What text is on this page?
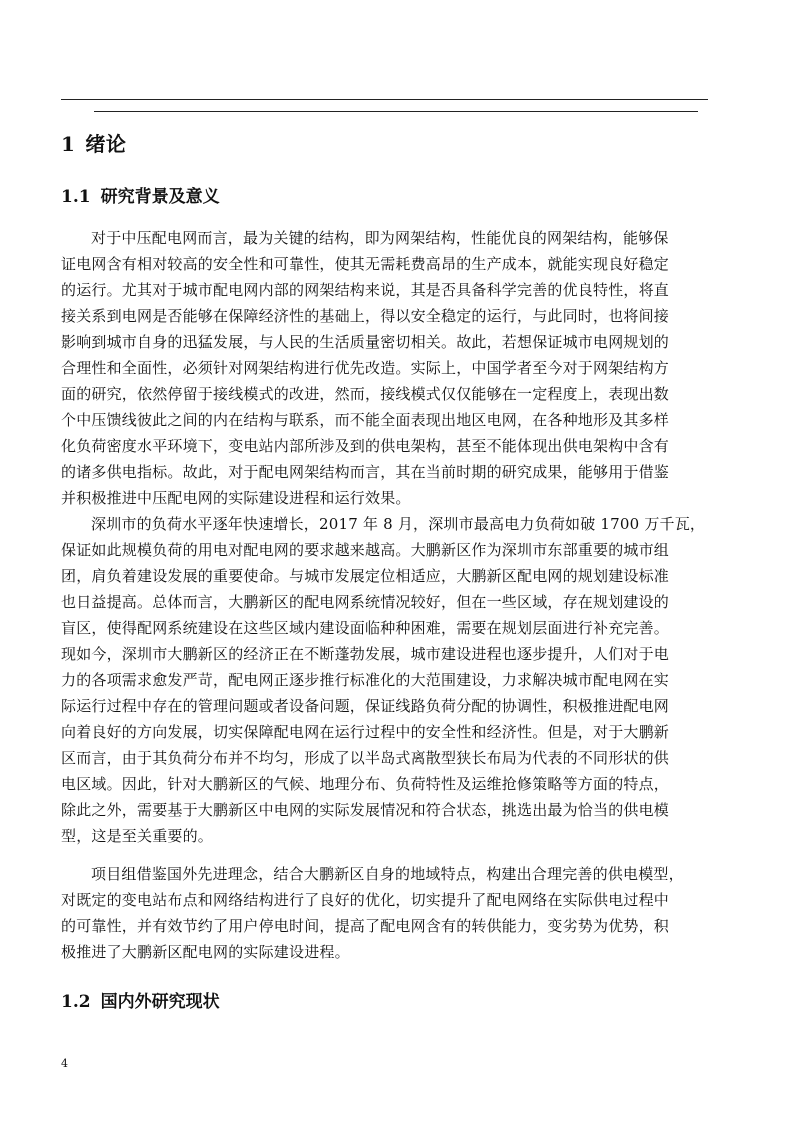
1 绪论
1.1 研究背景及意义
对于中压配电网而言，最为关键的结构，即为网架结构，性能优良的网架结构，能够保
证电网含有相对较高的安全性和可靠性，使其无需耗费高昂的生产成本，就能实现良好稳定
的运行。尤其对于城市配电网内部的网架结构来说，其是否具备科学完善的优良特性，将直
接关系到电网是否能够在保障经济性的基础上，得以安全稳定的运行，与此同时，也将间接
影响到城市自身的迅猛发展，与人民的生活质量密切相关。故此，若想保证城市电网规划的
合理性和全面性，必须针对网架结构进行优先改造。实际上，中国学者至今对于网架结构方
面的研究，依然停留于接线模式的改进，然而，接线模式仅仅能够在一定程度上，表现出数
个中压馈线彼此之间的内在结构与联系，而不能全面表现出地区电网，在各种地形及其多样
化负荷密度水平环境下，变电站内部所涉及到的供电架构，甚至不能体现出供电架构中含有
的诸多供电指标。故此，对于配电网架结构而言，其在当前时期的研究成果，能够用于借鉴
并积极推进中压配电网的实际建设进程和运行效果。
深圳市的负荷水平逐年快速增长，2017 年 8 月，深圳市最高电力负荷如破 1700 万千瓦，
保证如此规模负荷的用电对配电网的要求越来越高。大鹏新区作为深圳市东部重要的城市组
团，肩负着建设发展的重要使命。与城市发展定位相适应，大鹏新区配电网的规划建设标准
也日益提高。总体而言，大鹏新区的配电网系统情况较好，但在一些区域，存在规划建设的
盲区，使得配网系统建设在这些区域内建设面临种种困难，需要在规划层面进行补充完善。
现如今，深圳市大鹏新区的经济正在不断蓬勃发展，城市建设进程也逐步提升，人们对于电
力的各项需求愈发严苛，配电网正逐步推行标准化的大范围建设，力求解决城市配电网在实
际运行过程中存在的管理问题或者设备问题，保证线路负荷分配的协调性，积极推进配电网
向着良好的方向发展，切实保障配电网在运行过程中的安全性和经济性。但是，对于大鹏新
区而言，由于其负荷分布并不均匀，形成了以半岛式离散型狭长布局为代表的不同形状的供
电区域。因此，针对大鹏新区的气候、地理分布、负荷特性及运维抢修策略等方面的特点，
除此之外，需要基于大鹏新区中电网的实际发展情况和符合状态，挑选出最为恰当的供电模
型，这是至关重要的。
项目组借鉴国外先进理念，结合大鹏新区自身的地域特点，构建出合理完善的供电模型，
对既定的变电站布点和网络结构进行了良好的优化，切实提升了配电网络在实际供电过程中
的可靠性，并有效节约了用户停电时间，提高了配电网含有的转供能力，变劣势为优势，积
极推进了大鹏新区配电网的实际建设进程。
1.2 国内外研究现状
4
